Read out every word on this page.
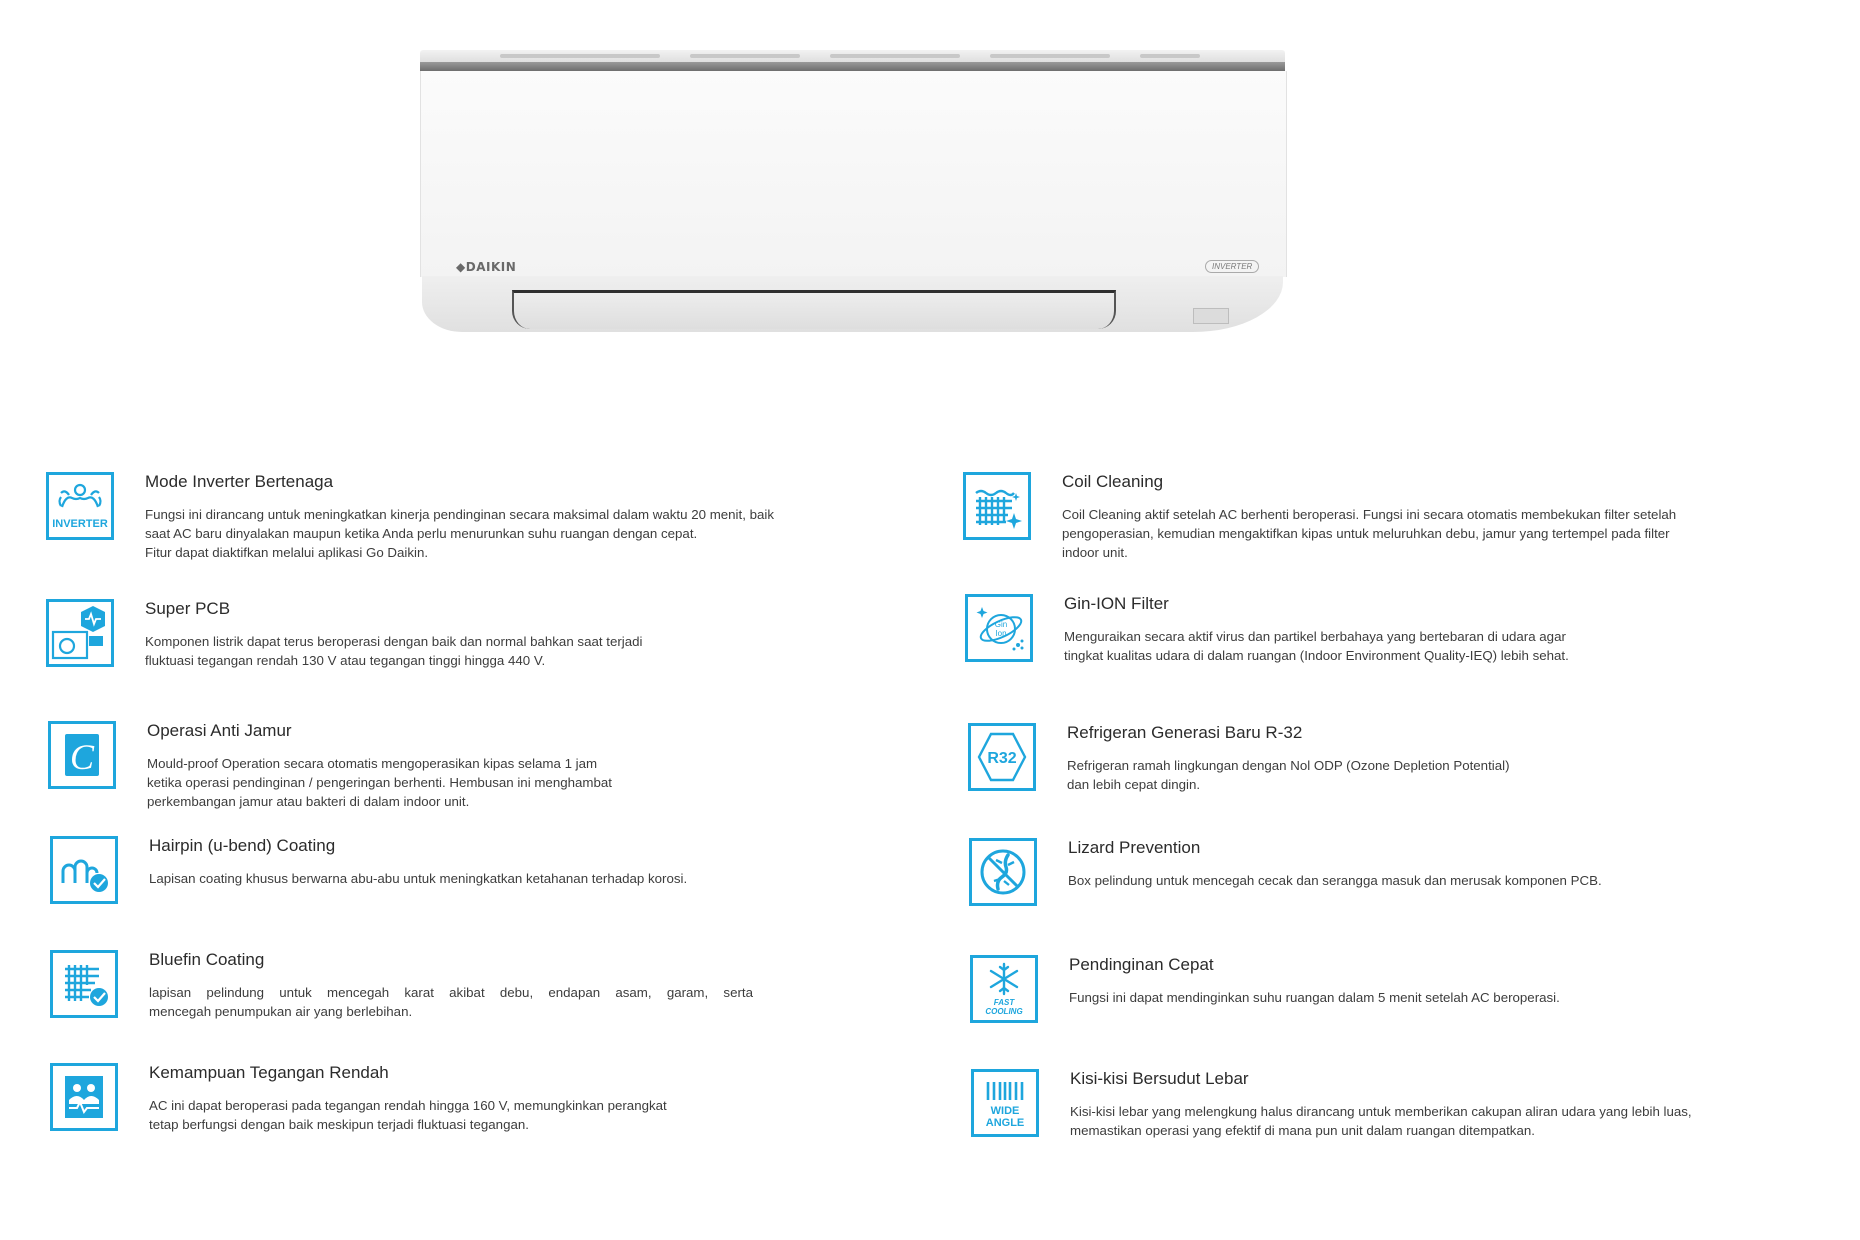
◆DAIKIN	INVERTER
INVERTER
Mode Inverter Bertenaga
Fungsi ini dirancang untuk meningkatkan kinerja pendinginan secara maksimal dalam waktu 20 menit, baik
saat AC baru dinyalakan maupun ketika Anda perlu menurunkan suhu ruangan dengan cepat.
Fitur dapat diaktifkan melalui aplikasi Go Daikin.
Super PCB
Komponen listrik dapat terus beroperasi dengan baik dan normal bahkan saat terjadi
fluktuasi tegangan rendah 130 V atau tegangan tinggi hingga 440 V.
C
Operasi Anti Jamur
Mould-proof Operation secara otomatis mengoperasikan kipas selama 1 jam
ketika operasi pendinginan / pengeringan berhenti. Hembusan ini menghambat
perkembangan jamur atau bakteri di dalam indoor unit.
Hairpin (u-bend) Coating
Lapisan coating khusus berwarna abu-abu untuk meningkatkan ketahanan terhadap korosi.
Bluefin Coating
lapisan pelindung untuk mencegah karat akibat debu, endapan asam, garam, serta
mencegah penumpukan air yang berlebihan.
Kemampuan Tegangan Rendah
AC ini dapat beroperasi pada tegangan rendah hingga 160 V, memungkinkan perangkat
tetap berfungsi dengan baik meskipun terjadi fluktuasi tegangan.
Coil Cleaning
Coil Cleaning aktif setelah AC berhenti beroperasi. Fungsi ini secara otomatis membekukan filter setelah
pengoperasian, kemudian mengaktifkan kipas untuk meluruhkan debu, jamur yang tertempel pada filter
indoor unit.
Gin
Ion
Gin-ION Filter
Menguraikan secara aktif virus dan partikel berbahaya yang bertebaran di udara agar
tingkat kualitas udara di dalam ruangan (Indoor Environment Quality-IEQ) lebih sehat.
R32
Refrigeran Generasi Baru R-32
Refrigeran ramah lingkungan dengan Nol ODP (Ozone Depletion Potential)
dan lebih cepat dingin.
Lizard Prevention
Box pelindung untuk mencegah cecak dan serangga masuk dan merusak komponen PCB.
FAST
COOLING
Pendinginan Cepat
Fungsi ini dapat mendinginkan suhu ruangan dalam 5 menit setelah AC beroperasi.
WIDE
ANGLE
Kisi-kisi Bersudut Lebar
Kisi-kisi lebar yang melengkung halus dirancang untuk memberikan cakupan aliran udara yang lebih luas,
memastikan operasi yang efektif di mana pun unit dalam ruangan ditempatkan.
